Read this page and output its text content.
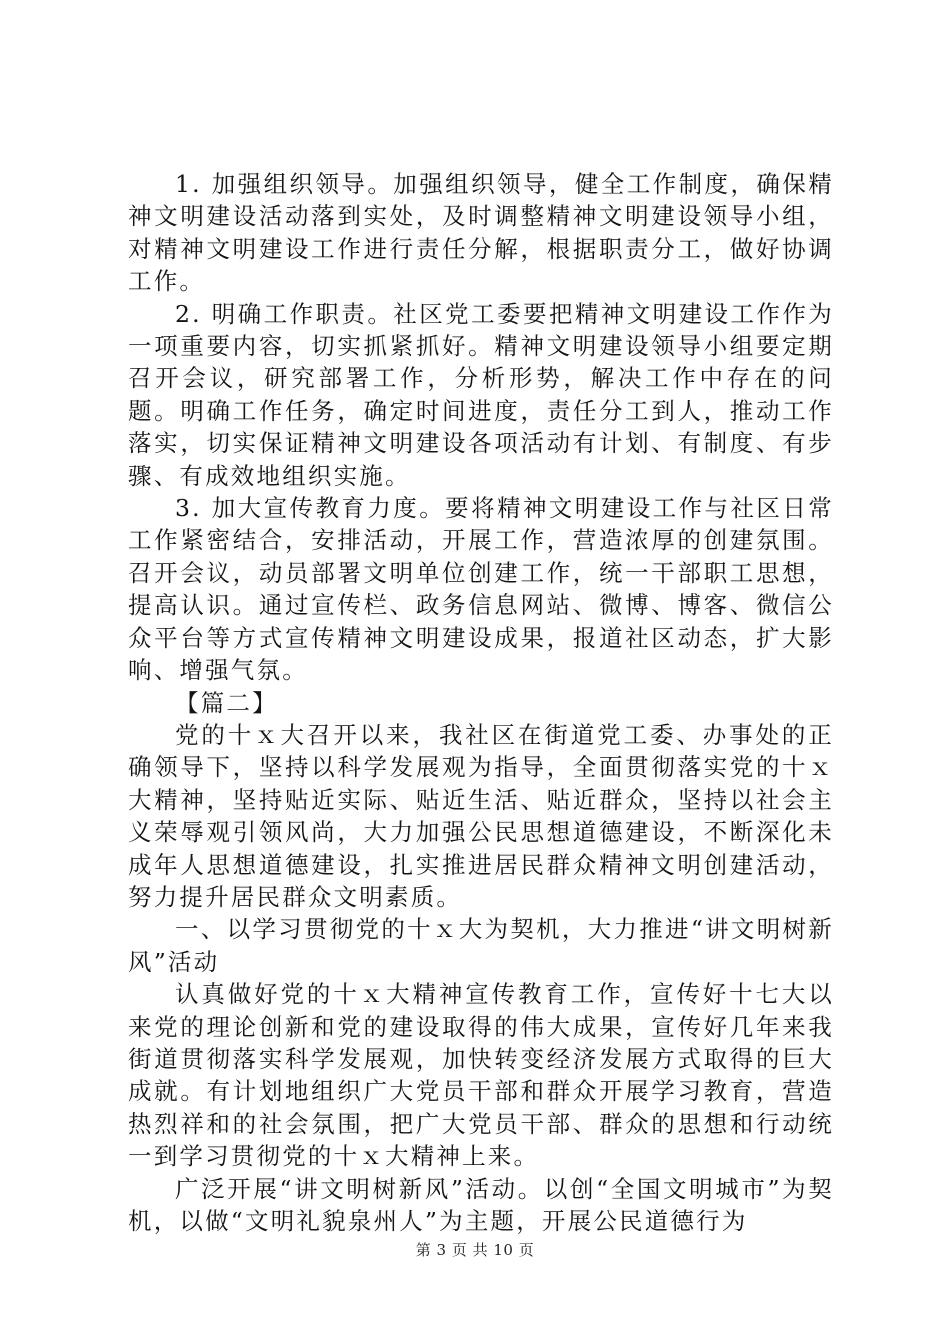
1. 加强组织领导。加强组织领导，健全工作制度，确保精神文明建设活动落到实处，及时调整精神文明建设领导小组，对精神文明建设工作进行责任分解，根据职责分工，做好协调工作。

2. 明确工作职责。社区党工委要把精神文明建设工作作为一项重要内容，切实抓紧抓好。精神文明建设领导小组要定期召开会议，研究部署工作，分析形势，解决工作中存在的问题。明确工作任务，确定时间进度，责任分工到人，推动工作落实，切实保证精神文明建设各项活动有计划、有制度、有步骤、有成效地组织实施。

3. 加大宣传教育力度。要将精神文明建设工作与社区日常工作紧密结合，安排活动，开展工作，营造浓厚的创建氛围。召开会议，动员部署文明单位创建工作，统一干部职工思想，提高认识。通过宣传栏、政务信息网站、微博、博客、微信公众平台等方式宣传精神文明建设成果，报道社区动态，扩大影响、增强气氛。

【篇二】

党的十ｘ大召开以来，我社区在街道党工委、办事处的正确领导下，坚持以科学发展观为指导，全面贯彻落实党的十ｘ大精神，坚持贴近实际、贴近生活、贴近群众，坚持以社会主义荣辱观引领风尚，大力加强公民思想道德建设，不断深化未成年人思想道德建设，扎实推进居民群众精神文明创建活动，努力提升居民群众文明素质。

一、以学习贯彻党的十ｘ大为契机，大力推进“讲文明树新风”活动

认真做好党的十ｘ大精神宣传教育工作，宣传好十七大以来党的理论创新和党的建设取得的伟大成果，宣传好几年来我街道贯彻落实科学发展观，加快转变经济发展方式取得的巨大成就。有计划地组织广大党员干部和群众开展学习教育，营造热烈祥和的社会氛围，把广大党员干部、群众的思想和行动统一到学习贯彻党的十ｘ大精神上来。

广泛开展“讲文明树新风”活动。以创“全国文明城市”为契机，以做“文明礼貌泉州人”为主题，开展公民道德行为

第 3 页 共 10 页
